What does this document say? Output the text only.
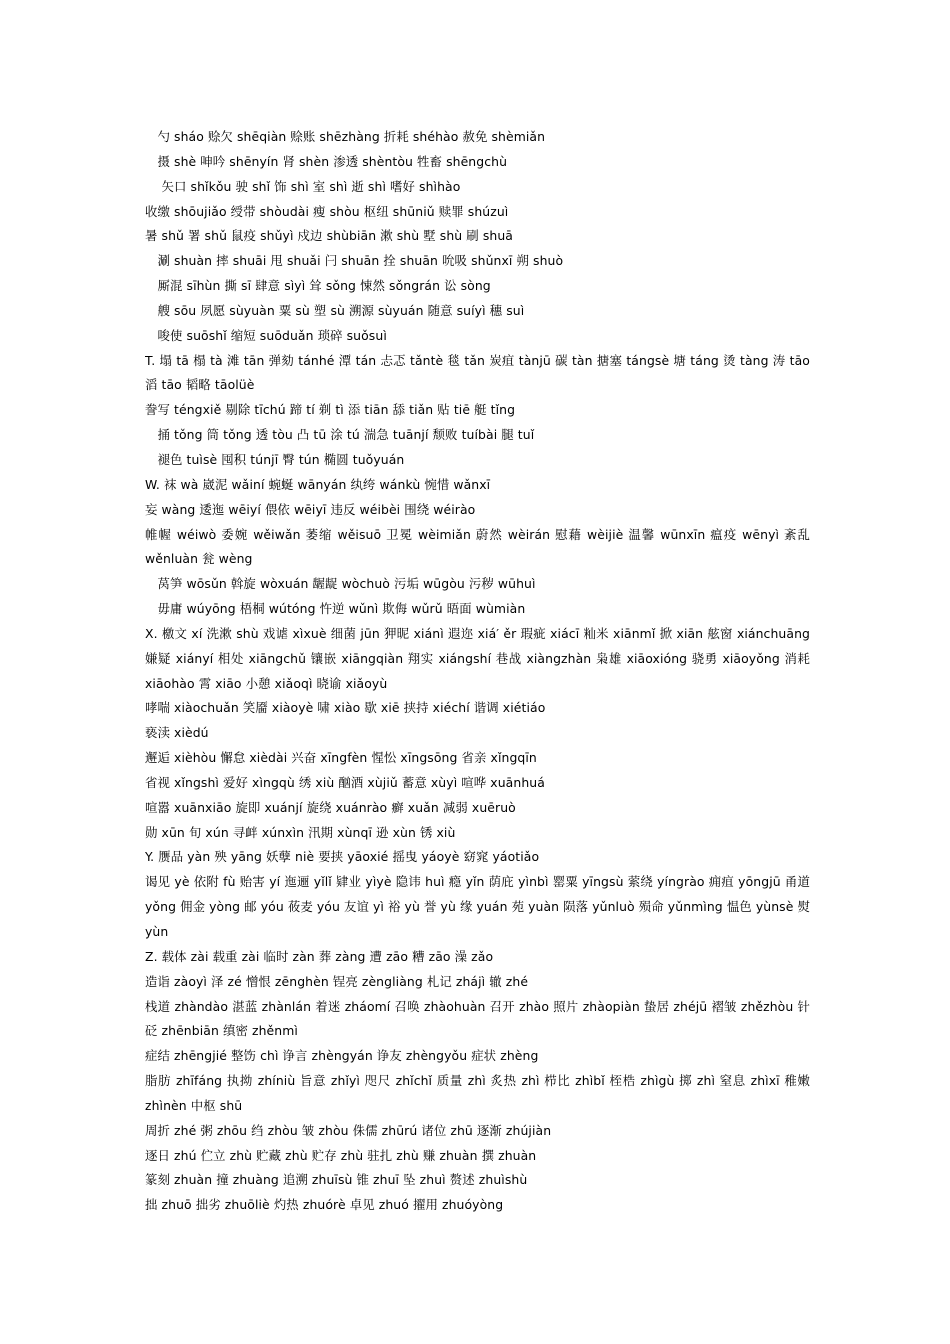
　勺 sháo 赊欠 shēqiàn 赊账 shēzhàng 折耗 shéhào 赦免 shèmiǎn
　摄 shè 呻吟 shēnyín 肾 shèn 渗透 shèntòu 牲畜 shēngchù
　 矢口 shǐkǒu 驶 shǐ 饰 shì 室 shì 逝 shì 嗜好 shìhào
收缴 shōujiǎo 绶带 shòudài 瘦 shòu 枢纽 shūniǔ 赎罪 shúzuì
暑 shǔ 署 shǔ 鼠疫 shǔyì 戍边 shùbiān 漱 shù 墅 shù 刷 shuā
　涮 shuàn 摔 shuāi 甩 shuǎi 闩 shuān 拴 shuān 吮吸 shǔnxī 朔 shuò
　厮混 sīhùn 撕 sī 肆意 sìyì 耸 sǒng 悚然 sǒngrán 讼 sòng
　艘 sōu 夙愿 sùyuàn 粟 sù 塑 sù 溯源 sùyuán 随意 suíyì 穗 suì
　唆使 suōshǐ 缩短 suōduǎn 琐碎 suǒsuì
T. 塌 tā 榻 tà 滩 tān 弹劾 tánhé 潭 tán 忐忑 tǎntè 毯 tǎn 炭疽 tànjū 碳 tàn 搪塞 tángsè 塘 táng 烫 tàng 涛 tāo 滔 tāo 韬略 tāolüè
誊写 téngxiě 剔除 tīchú 蹄 tí 剃 tì 添 tiān 舔 tiǎn 贴 tiē 艇 tǐng
　捅 tǒng 筒 tǒng 透 tòu 凸 tū 涂 tú 湍急 tuānjí 颓败 tuíbài 腿 tuǐ
　褪色 tuìsè 囤积 túnjī 臀 tún 椭圆 tuǒyuán
W. 袜 wà 崴泥 wǎiní 蜿蜒 wānyán 纨绔 wánkù 惋惜 wǎnxī
妄 wàng 逶迤 wēiyí 偎依 wēiyī 违反 wéibèi 围绕 wéirào
帷幄 wéiwò 委婉 wěiwǎn 萎缩 wěisuō 卫冕 wèimiǎn 蔚然 wèirán 慰藉 wèijiè 温馨 wūnxīn 瘟疫 wēnyì 紊乱 wěnluàn 瓮 wèng
　莴笋 wōsǔn 斡旋 wòxuán 龌龊 wòchuò 污垢 wūgòu 污秽 wūhuì
　毋庸 wúyōng 梧桐 wútóng 忤逆 wǔnì 欺侮 wǔrǔ 晤面 wùmiàn
X. 檄文 xí 洗漱 shù 戏谑 xìxuè 细菌 jūn 狎昵 xiánì 遐迩 xiá′ ěr 瑕疵 xiácī 籼米 xiānmǐ 掀 xiān 舷窗 xiánchuāng 嫌疑 xiányí 相处 xiāngchǔ 镶嵌 xiāngqiàn 翔实 xiángshí 巷战 xiàngzhàn 枭雄 xiāoxióng 骁勇 xiāoyǒng 消耗 xiāohào 霄 xiāo 小憩 xiǎoqì 晓谕 xiǎoyù
哮喘 xiàochuǎn 笑靥 xiàoyè 啸 xiào 歇 xiē 挟持 xiéchí 谐调 xiétiáo
亵渎 xièdú
邂逅 xièhòu 懈怠 xièdài 兴奋 xīngfèn 惺忪 xīngsōng 省亲 xǐngqīn
省视 xǐngshì 爱好 xìngqù 绣 xiù 酗酒 xùjiǔ 蓄意 xùyì 喧哗 xuānhuá
喧嚣 xuānxiāo 旋即 xuánjí 旋绕 xuánrào 癣 xuǎn 减弱 xuēruò
勋 xūn 旬 xún 寻衅 xúnxìn 汛期 xùnqī 逊 xùn 锈 xiù
Y. 赝品 yàn 殃 yāng 妖孽 niè 要挟 yāoxié 摇曳 yáoyè 窈窕 yáotiǎo
谒见 yè 依附 fù 贻害 yí 迤逦 yǐlǐ 肄业 yìyè 隐讳 huì 瘾 yǐn 荫庇 yìnbì 罂粟 yīngsù 萦绕 yíngrào 痈疽 yōngjū 甬道 yǒng 佣金 yòng 邮 yóu 莜麦 yóu 友谊 yì 裕 yù 誉 yù 缘 yuán 苑 yuàn 陨落 yǔnluò 殒命 yǔnmìng 愠色 yùnsè 熨 yùn
Z. 载体 zài 载重 zài 临时 zàn 葬 zàng 遭 zāo 糟 zāo 澡 zǎo
造诣 zàoyì 泽 zé 憎恨 zēnghèn 锃亮 zèngliàng 札记 zhájì 辙 zhé
栈道 zhàndào 湛蓝 zhànlán 着迷 zháomí 召唤 zhàohuàn 召开 zhào 照片 zhàopiàn 蛰居 zhéjū 褶皱 zhězhòu 针砭 zhēnbiān 缜密 zhěnmì
症结 zhēngjié 整饬 chì 诤言 zhèngyán 诤友 zhèngyǒu 症状 zhèng
脂肪 zhīfáng 执拗 zhíniù 旨意 zhǐyì 咫尺 zhǐchǐ 质量 zhì 炙热 zhì 栉比 zhìbǐ 桎梏 zhìgù 掷 zhì 窒息 zhìxī 稚嫩 zhìnèn 中枢 shū
周折 zhé 粥 zhōu 绉 zhòu 皱 zhòu 侏儒 zhūrú 诸位 zhū 逐渐 zhújiàn
逐日 zhú 伫立 zhù 贮藏 zhù 贮存 zhù 驻扎 zhù 赚 zhuàn 撰 zhuàn
篆刻 zhuàn 撞 zhuàng 追溯 zhuīsù 锥 zhuī 坠 zhuì 赘述 zhuìshù
拙 zhuō 拙劣 zhuōliè 灼热 zhuórè 卓见 zhuó 擢用 zhuóyòng
